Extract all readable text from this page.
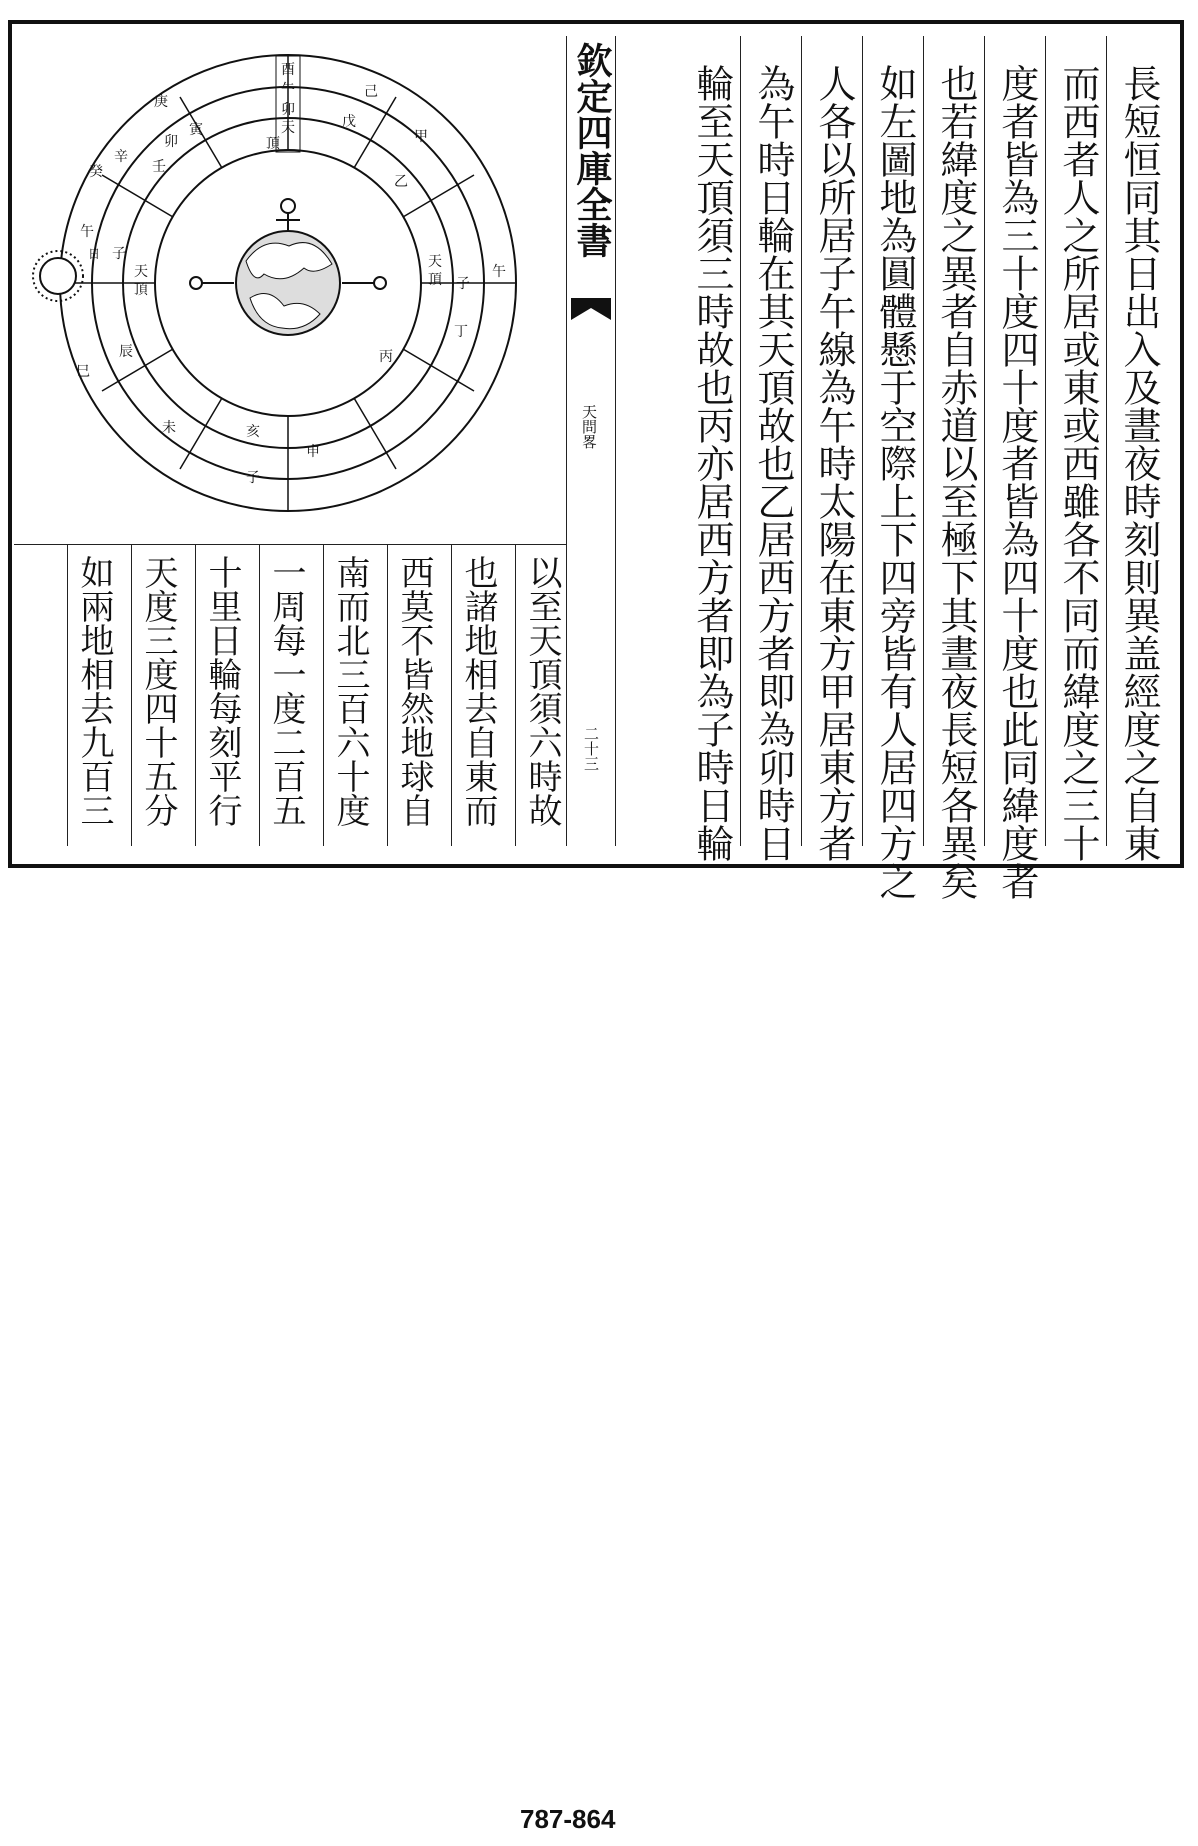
長短恒同其日出入及晝夜時刻則異盖經度之自東
而西者人之所居或東或西雖各不同而緯度之三十
度者皆為三十度四十度者皆為四十度也此同緯度者
也若緯度之異者自赤道以至極下其晝夜長短各異矣
如左圖地為圓體懸于空際上下四旁皆有人居四方之
人各以所居子午線為午時太陽在東方甲居東方者
為午時日輪在其天頂故也乙居西方者即為卯時日
輪至天頂須三時故也丙亦居西方者即為子時日輪
欽定四庫全書
天問畧
二十三
以至天頂須六時故
也諸地相去自東而
西莫不皆然地球自
南而北三百六十度
一周每一度二百五
十里日輪每刻平行
天度三度四十五分
如兩地相去九百三
酉
午
卯
天
頂
午
子
天
頂
天
頂 子
午
甲
乙
丙
丁
戊
己
庚
辛
壬
癸
寅
卯
辰
巳
未
申
亥
子
日
787-864
